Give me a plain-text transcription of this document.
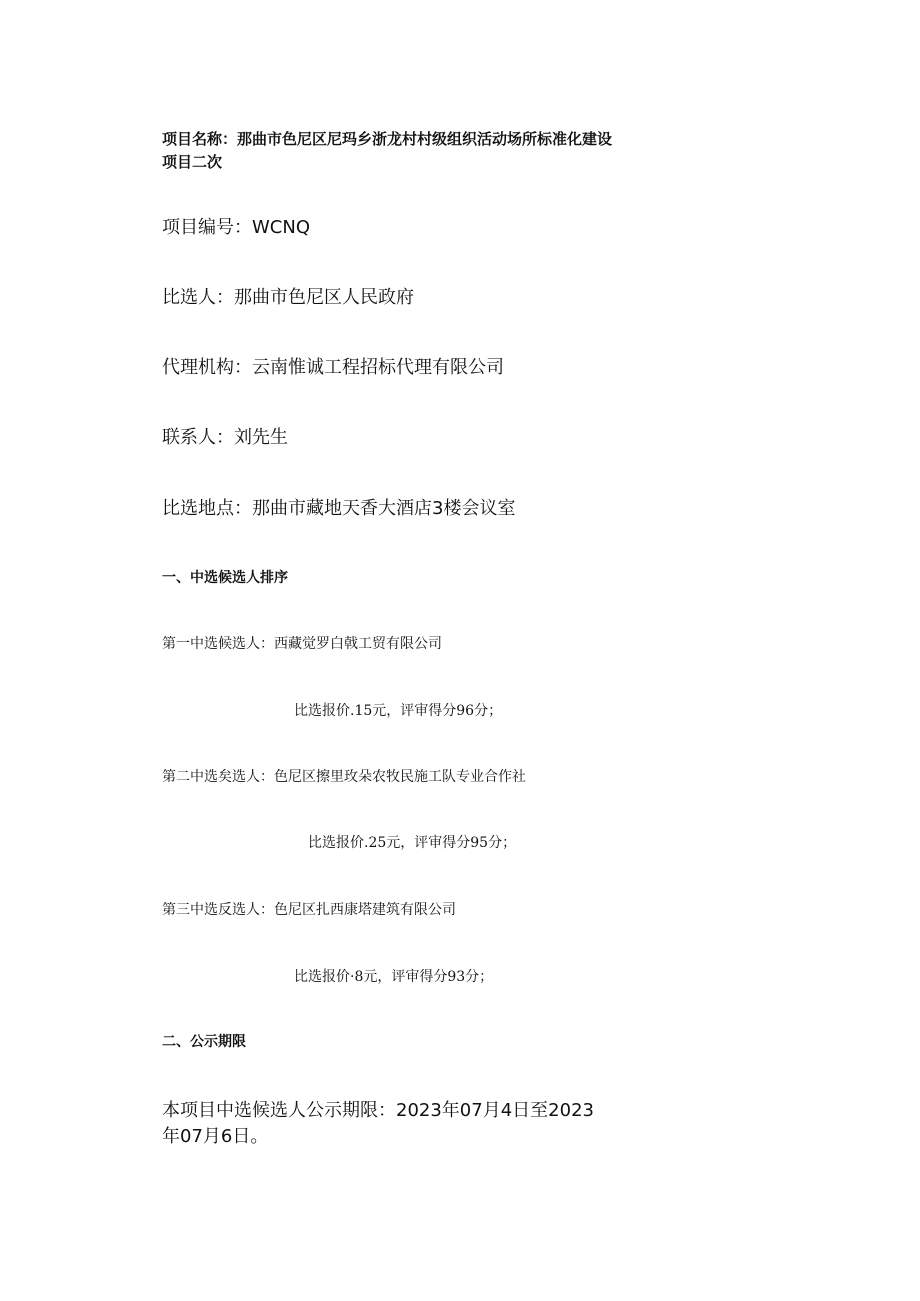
项目名称：那曲市色尼区尼玛乡浙龙村村级组织活动场所标准化建设项目二次

项目编号：WCNQ

比选人：那曲市色尼区人民政府

代理机构：云南惟诚工程招标代理有限公司

联系人：刘先生

比选地点：那曲市藏地天香大酒店3楼会议室

一、中选候选人排序

第一中选候选人：西藏觉罗白戟工贸有限公司

比选报价.15元，评审得分96分；

第二中选矣选人：色尼区擦里玫朵农牧民施工队专业合作社

比选报价.25元，评审得分95分；

第三中选反选人：色尼区扎西康塔建筑有限公司

比选报价·8元，评审得分93分；

二、公示期限

本项目中选候选人公示期限：2023年07月4日至2023年07月6日。
